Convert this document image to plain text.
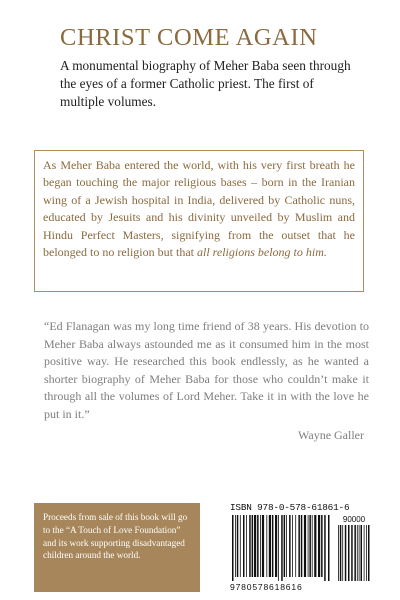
CHRIST COME AGAIN
A monumental biography of Meher Baba seen through the eyes of a former Catholic priest. The first of multiple volumes.
As Meher Baba entered the world, with his very first breath he began touching the major religious bases – born in the Iranian wing of a Jewish hospital in India, delivered by Catholic nuns, educated by Jesuits and his divinity unveiled by Muslim and Hindu Perfect Masters, signifying from the outset that he belonged to no religion but that all religions belong to him.
“Ed Flanagan was my long time friend of 38 years. His devotion to Meher Baba always astounded me as it consumed him in the most positive way. He researched this book endlessly, as he wanted a shorter biography of Meher Baba for those who couldn’t make it through all the volumes of Lord Meher. Take it in with the love he put in it.”
Wayne Galler
Proceeds from sale of this book will go to the “A Touch of Love Foundation” and its work supporting disadvantaged children around the world.
ISBN 978-0-578-61861-6
90000
9780578618616
